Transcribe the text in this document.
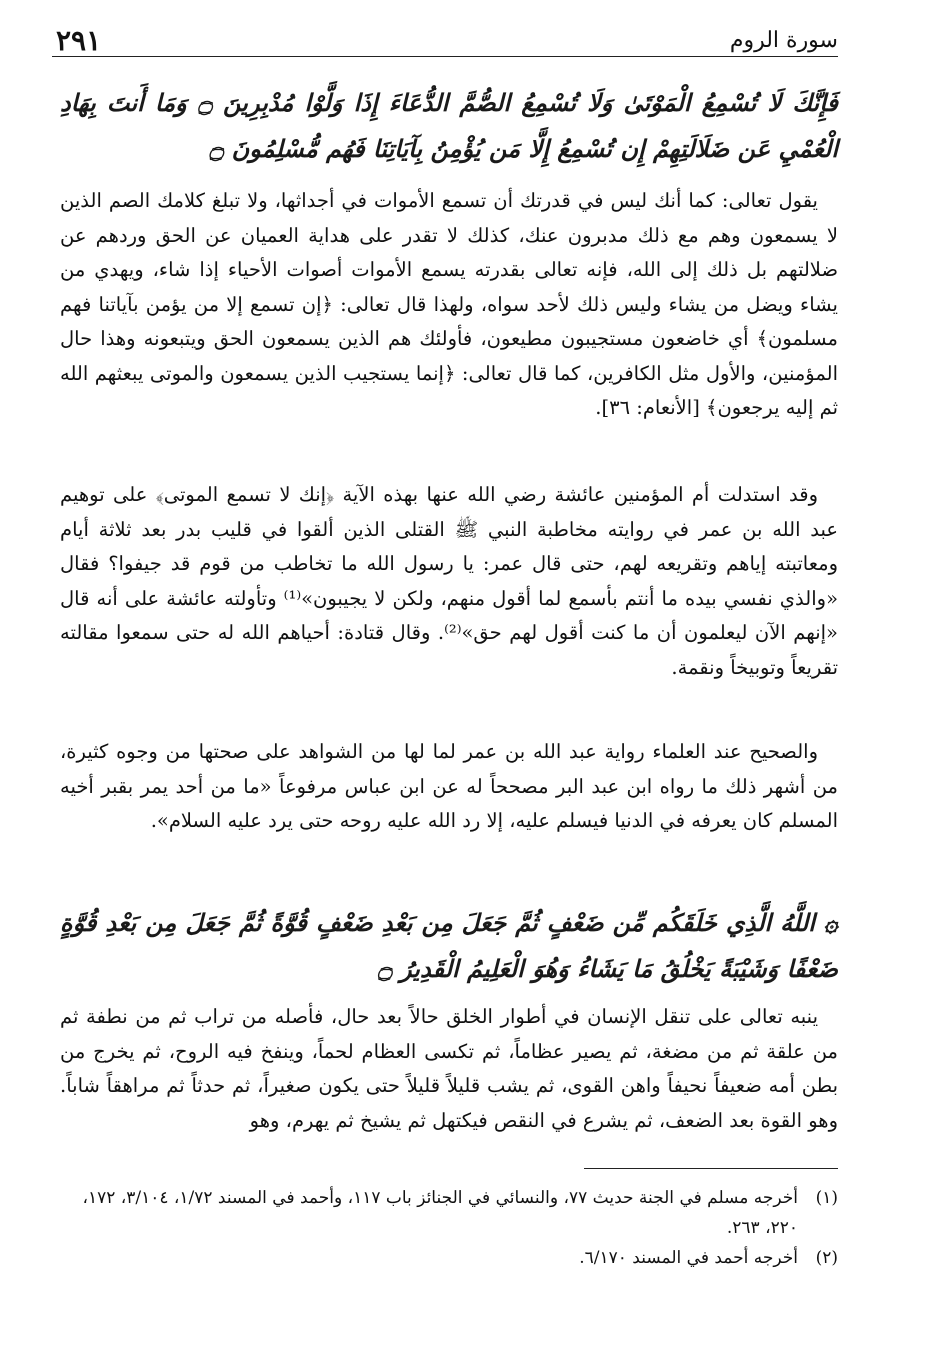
سورة الروم
٢٩١
فَإِنَّكَ لَا تُسْمِعُ الْمَوْتَىٰ وَلَا تُسْمِعُ الصُّمَّ الدُّعَاءَ إِذَا وَلَّوْا مُدْبِرِينَ ۝ وَمَا أَنتَ بِهَادِ الْعُمْيِ عَن ضَلَالَتِهِمْ إِن تُسْمِعُ إِلَّا مَن يُؤْمِنُ بِآيَاتِنَا فَهُم مُّسْلِمُونَ ۝

يقول تعالى: كما أنك ليس في قدرتك أن تسمع الأموات في أجداثها، ولا تبلغ كلامك الصم الذين لا يسمعون وهم مع ذلك مدبرون عنك، كذلك لا تقدر على هداية العميان عن الحق وردهم عن ضلالتهم بل ذلك إلى الله، فإنه تعالى بقدرته يسمع الأموات أصوات الأحياء إذا شاء، ويهدي من يشاء ويضل من يشاء وليس ذلك لأحد سواه، ولهذا قال تعالى: ﴿إن تسمع إلا من يؤمن بآياتنا فهم مسلمون﴾ أي خاضعون مستجيبون مطيعون، فأولئك هم الذين يسمعون الحق ويتبعونه وهذا حال المؤمنين، والأول مثل الكافرين، كما قال تعالى: ﴿إنما يستجيب الذين يسمعون والموتى يبعثهم الله ثم إليه يرجعون﴾ [الأنعام: ٣٦].

وقد استدلت أم المؤمنين عائشة رضي الله عنها بهذه الآية ﴿إنك لا تسمع الموتى﴾ على توهيم عبد الله بن عمر في روايته مخاطبة النبي ﷺ القتلى الذين ألقوا في قليب بدر بعد ثلاثة أيام ومعاتبته إياهم وتقريعه لهم، حتى قال عمر: يا رسول الله ما تخاطب من قوم قد جيفوا؟ فقال «والذي نفسي بيده ما أنتم بأسمع لما أقول منهم، ولكن لا يجيبون»⁽¹⁾ وتأولته عائشة على أنه قال «إنهم الآن ليعلمون أن ما كنت أقول لهم حق»⁽²⁾. وقال قتادة: أحياهم الله له حتى سمعوا مقالته تقريعاً وتوبيخاً ونقمة.

والصحيح عند العلماء رواية عبد الله بن عمر لما لها من الشواهد على صحتها من وجوه كثيرة، من أشهر ذلك ما رواه ابن عبد البر مصححاً له عن ابن عباس مرفوعاً «ما من أحد يمر بقبر أخيه المسلم كان يعرفه في الدنيا فيسلم عليه، إلا رد الله عليه روحه حتى يرد عليه السلام».

۞ اللَّهُ الَّذِي خَلَقَكُم مِّن ضَعْفٍ ثُمَّ جَعَلَ مِن بَعْدِ ضَعْفٍ قُوَّةً ثُمَّ جَعَلَ مِن بَعْدِ قُوَّةٍ ضَعْفًا وَشَيْبَةً يَخْلُقُ مَا يَشَاءُ وَهُوَ الْعَلِيمُ الْقَدِيرُ ۝

ينبه تعالى على تنقل الإنسان في أطوار الخلق حالاً بعد حال، فأصله من تراب ثم من نطفة ثم من علقة ثم من مضغة، ثم يصير عظاماً، ثم تكسى العظام لحماً، وينفخ فيه الروح، ثم يخرج من بطن أمه ضعيفاً نحيفاً واهن القوى، ثم يشب قليلاً قليلاً حتى يكون صغيراً، ثم حدثاً ثم مراهقاً شاباً. وهو القوة بعد الضعف، ثم يشرع في النقص فيكتهل ثم يشيخ ثم يهرم، وهو

(١)
أخرجه مسلم في الجنة حديث ٧٧، والنسائي في الجنائز باب ١١٧، وأحمد في المسند ١/٧٢، ٣/١٠٤، ١٧٢، ٢٢٠، ٢٦٣.
(٢)
أخرجه أحمد في المسند ٦/١٧٠.
